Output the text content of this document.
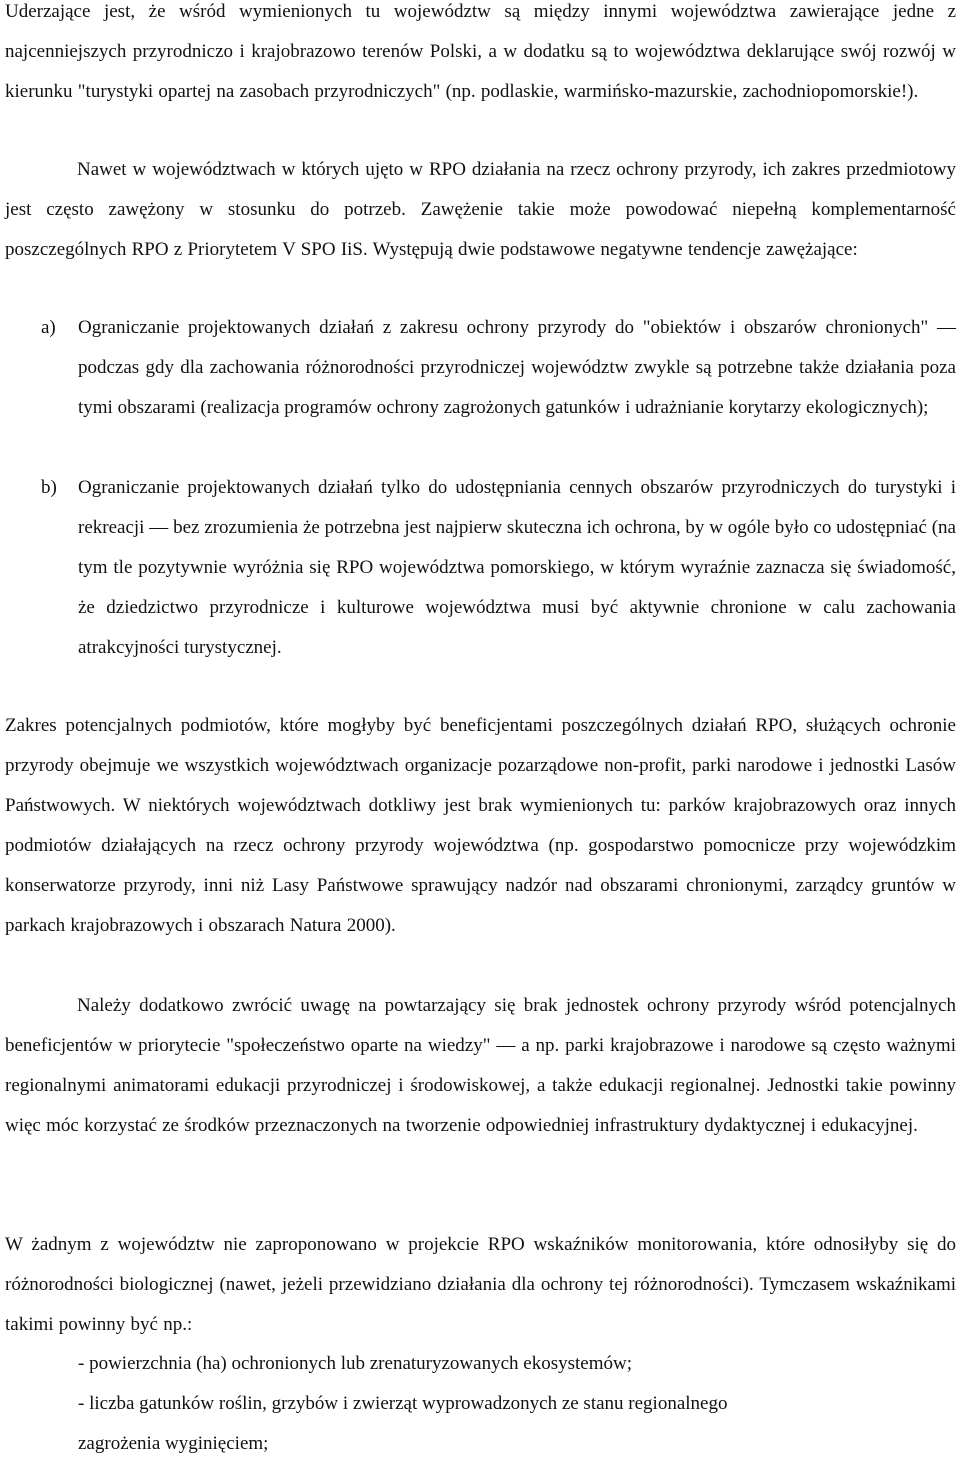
Uderzające jest, że wśród wymienionych tu województw są między innymi województwa zawierające jedne z najcenniejszych przyrodniczo i krajobrazowo terenów Polski, a w dodatku są to województwa deklarujące swój rozwój w kierunku "turystyki opartej na zasobach przyrodniczych" (np. podlaskie, warmińsko-mazurskie, zachodniopomorskie!).

Nawet w województwach w których ujęto w RPO działania na rzecz ochrony przyrody, ich zakres przedmiotowy jest często zawężony w stosunku do potrzeb. Zawężenie takie może powodować niepełną komplementarność poszczególnych RPO z Priorytetem V SPO IiS. Występują dwie podstawowe negatywne tendencje zawężające:

a) Ograniczanie projektowanych działań z zakresu ochrony przyrody do "obiektów i obszarów chronionych" — podczas gdy dla zachowania różnorodności przyrodniczej województw zwykle są potrzebne także działania poza tymi obszarami (realizacja programów ochrony zagrożonych gatunków i udrażnianie korytarzy ekologicznych);
b) Ograniczanie projektowanych działań tylko do udostępniania cennych obszarów przyrodniczych do turystyki i rekreacji — bez zrozumienia że potrzebna jest najpierw skuteczna ich ochrona, by w ogóle było co udostępniać (na tym tle pozytywnie wyróżnia się RPO województwa pomorskiego, w którym wyraźnie zaznacza się świadomość, że dziedzictwo przyrodnicze i kulturowe województwa musi być aktywnie chronione w calu zachowania atrakcyjności turystycznej.

Zakres potencjalnych podmiotów, które mogłyby być beneficjentami poszczególnych działań RPO, służących ochronie przyrody obejmuje we wszystkich województwach organizacje pozarządowe non-profit, parki narodowe i jednostki Lasów Państwowych. W niektórych województwach dotkliwy jest brak wymienionych tu: parków krajobrazowych oraz innych podmiotów działających na rzecz ochrony przyrody województwa (np. gospodarstwo pomocnicze przy wojewódzkim konserwatorze przyrody, inni niż Lasy Państwowe sprawujący nadzór nad obszarami chronionymi, zarządcy gruntów w parkach krajobrazowych i obszarach Natura 2000).

Należy dodatkowo zwrócić uwagę na powtarzający się brak jednostek ochrony przyrody wśród potencjalnych beneficjentów w priorytecie "społeczeństwo oparte na wiedzy" — a np. parki krajobrazowe i narodowe są często ważnymi regionalnymi animatorami edukacji przyrodniczej i środowiskowej, a także edukacji regionalnej. Jednostki takie powinny więc móc korzystać ze środków przeznaczonych na tworzenie odpowiedniej infrastruktury dydaktycznej i edukacyjnej.

W żadnym z województw nie zaproponowano w projekcie RPO wskaźników monitorowania, które odnosiłyby się do różnorodności biologicznej (nawet, jeżeli przewidziano działania dla ochrony tej różnorodności). Tymczasem wskaźnikami takimi powinny być np.:

- powierzchnia (ha) ochronionych lub zrenaturyzowanych ekosystemów;

- liczba gatunków roślin, grzybów i zwierząt wyprowadzonych ze stanu regionalnego

zagrożenia wyginięciem;
